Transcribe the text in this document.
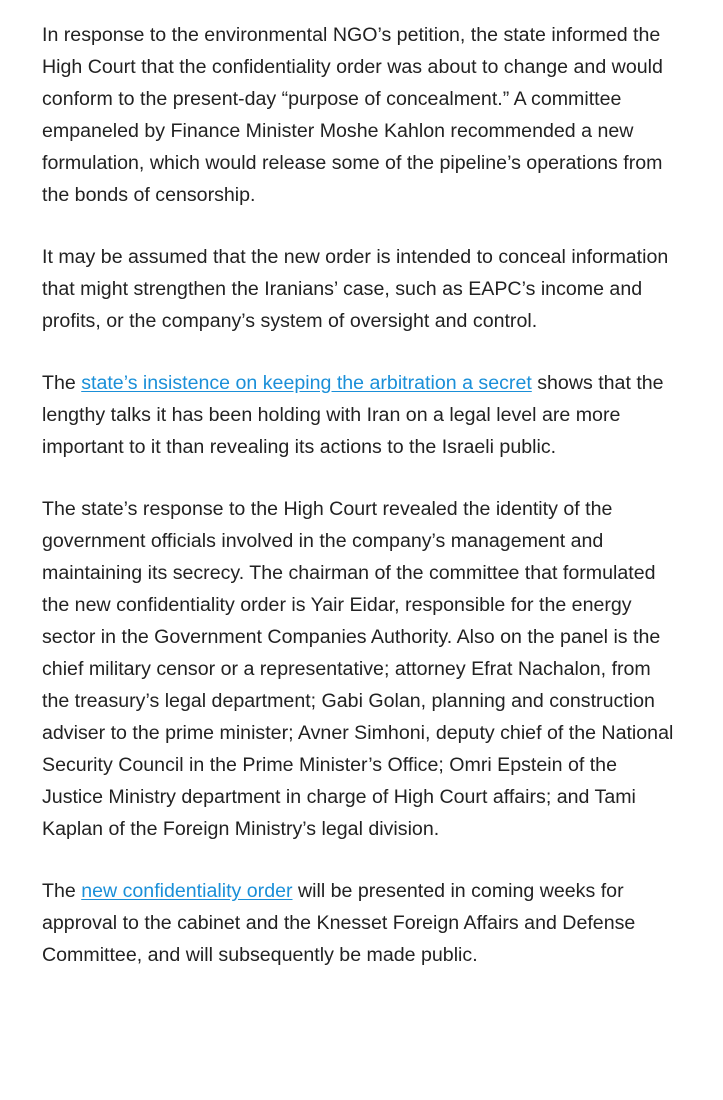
In response to the environmental NGO’s petition, the state informed the High Court that the confidentiality order was about to change and would conform to the present-day “purpose of concealment.” A committee empaneled by Finance Minister Moshe Kahlon recommended a new formulation, which would release some of the pipeline’s operations from the bonds of censorship.

It may be assumed that the new order is intended to conceal information that might strengthen the Iranians’ case, such as EAPC’s income and profits, or the company’s system of oversight and control.

The state’s insistence on keeping the arbitration a secret shows that the lengthy talks it has been holding with Iran on a legal level are more important to it than revealing its actions to the Israeli public.

The state’s response to the High Court revealed the identity of the government officials involved in the company’s management and maintaining its secrecy. The chairman of the committee that formulated the new confidentiality order is Yair Eidar, responsible for the energy sector in the Government Companies Authority. Also on the panel is the chief military censor or a representative; attorney Efrat Nachalon, from the treasury’s legal department; Gabi Golan, planning and construction adviser to the prime minister; Avner Simhoni, deputy chief of the National Security Council in the Prime Minister’s Office; Omri Epstein of the Justice Ministry department in charge of High Court affairs; and Tami Kaplan of the Foreign Ministry’s legal division.

The new confidentiality order will be presented in coming weeks for approval to the cabinet and the Knesset Foreign Affairs and Defense Committee, and will subsequently be made public.
